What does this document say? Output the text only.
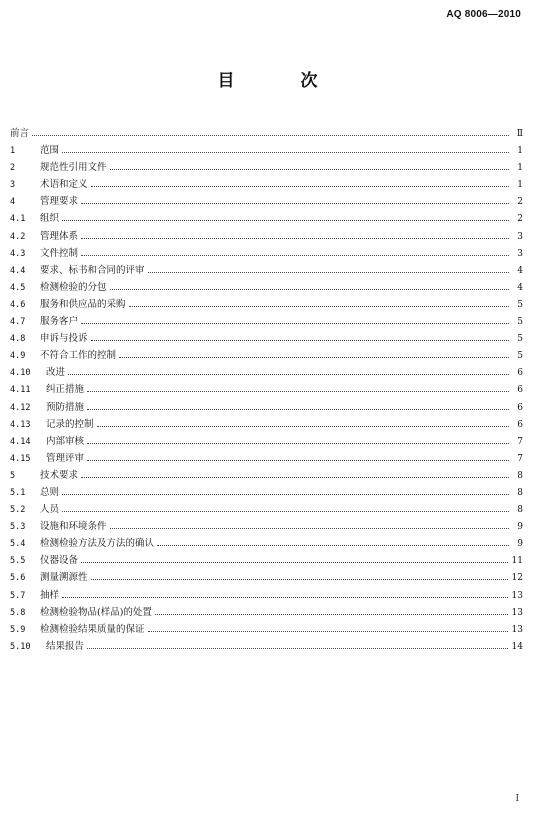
AQ 8006—2010
目 次
前言	Ⅱ
1	范围	1
2	规范性引用文件	1
3	术语和定义	1
4	管理要求	2
4.1	组织	2
4.2	管理体系	3
4.3	文件控制	3
4.4	要求、标书和合同的评审	4
4.5	检测检验的分包	4
4.6	服务和供应品的采购	5
4.7	服务客户	5
4.8	申诉与投诉	5
4.9	不符合工作的控制	5
4.10	改进	6
4.11	纠正措施	6
4.12	预防措施	6
4.13	记录的控制	6
4.14	内部审核	7
4.15	管理评审	7
5	技术要求	8
5.1	总则	8
5.2	人员	8
5.3	设施和环境条件	9
5.4	检测检验方法及方法的确认	9
5.5	仪器设备	11
5.6	测量溯源性	12
5.7	抽样	13
5.8	检测检验物品(样品)的处置	13
5.9	检测检验结果质量的保证	13
5.10	结果报告	14
I
